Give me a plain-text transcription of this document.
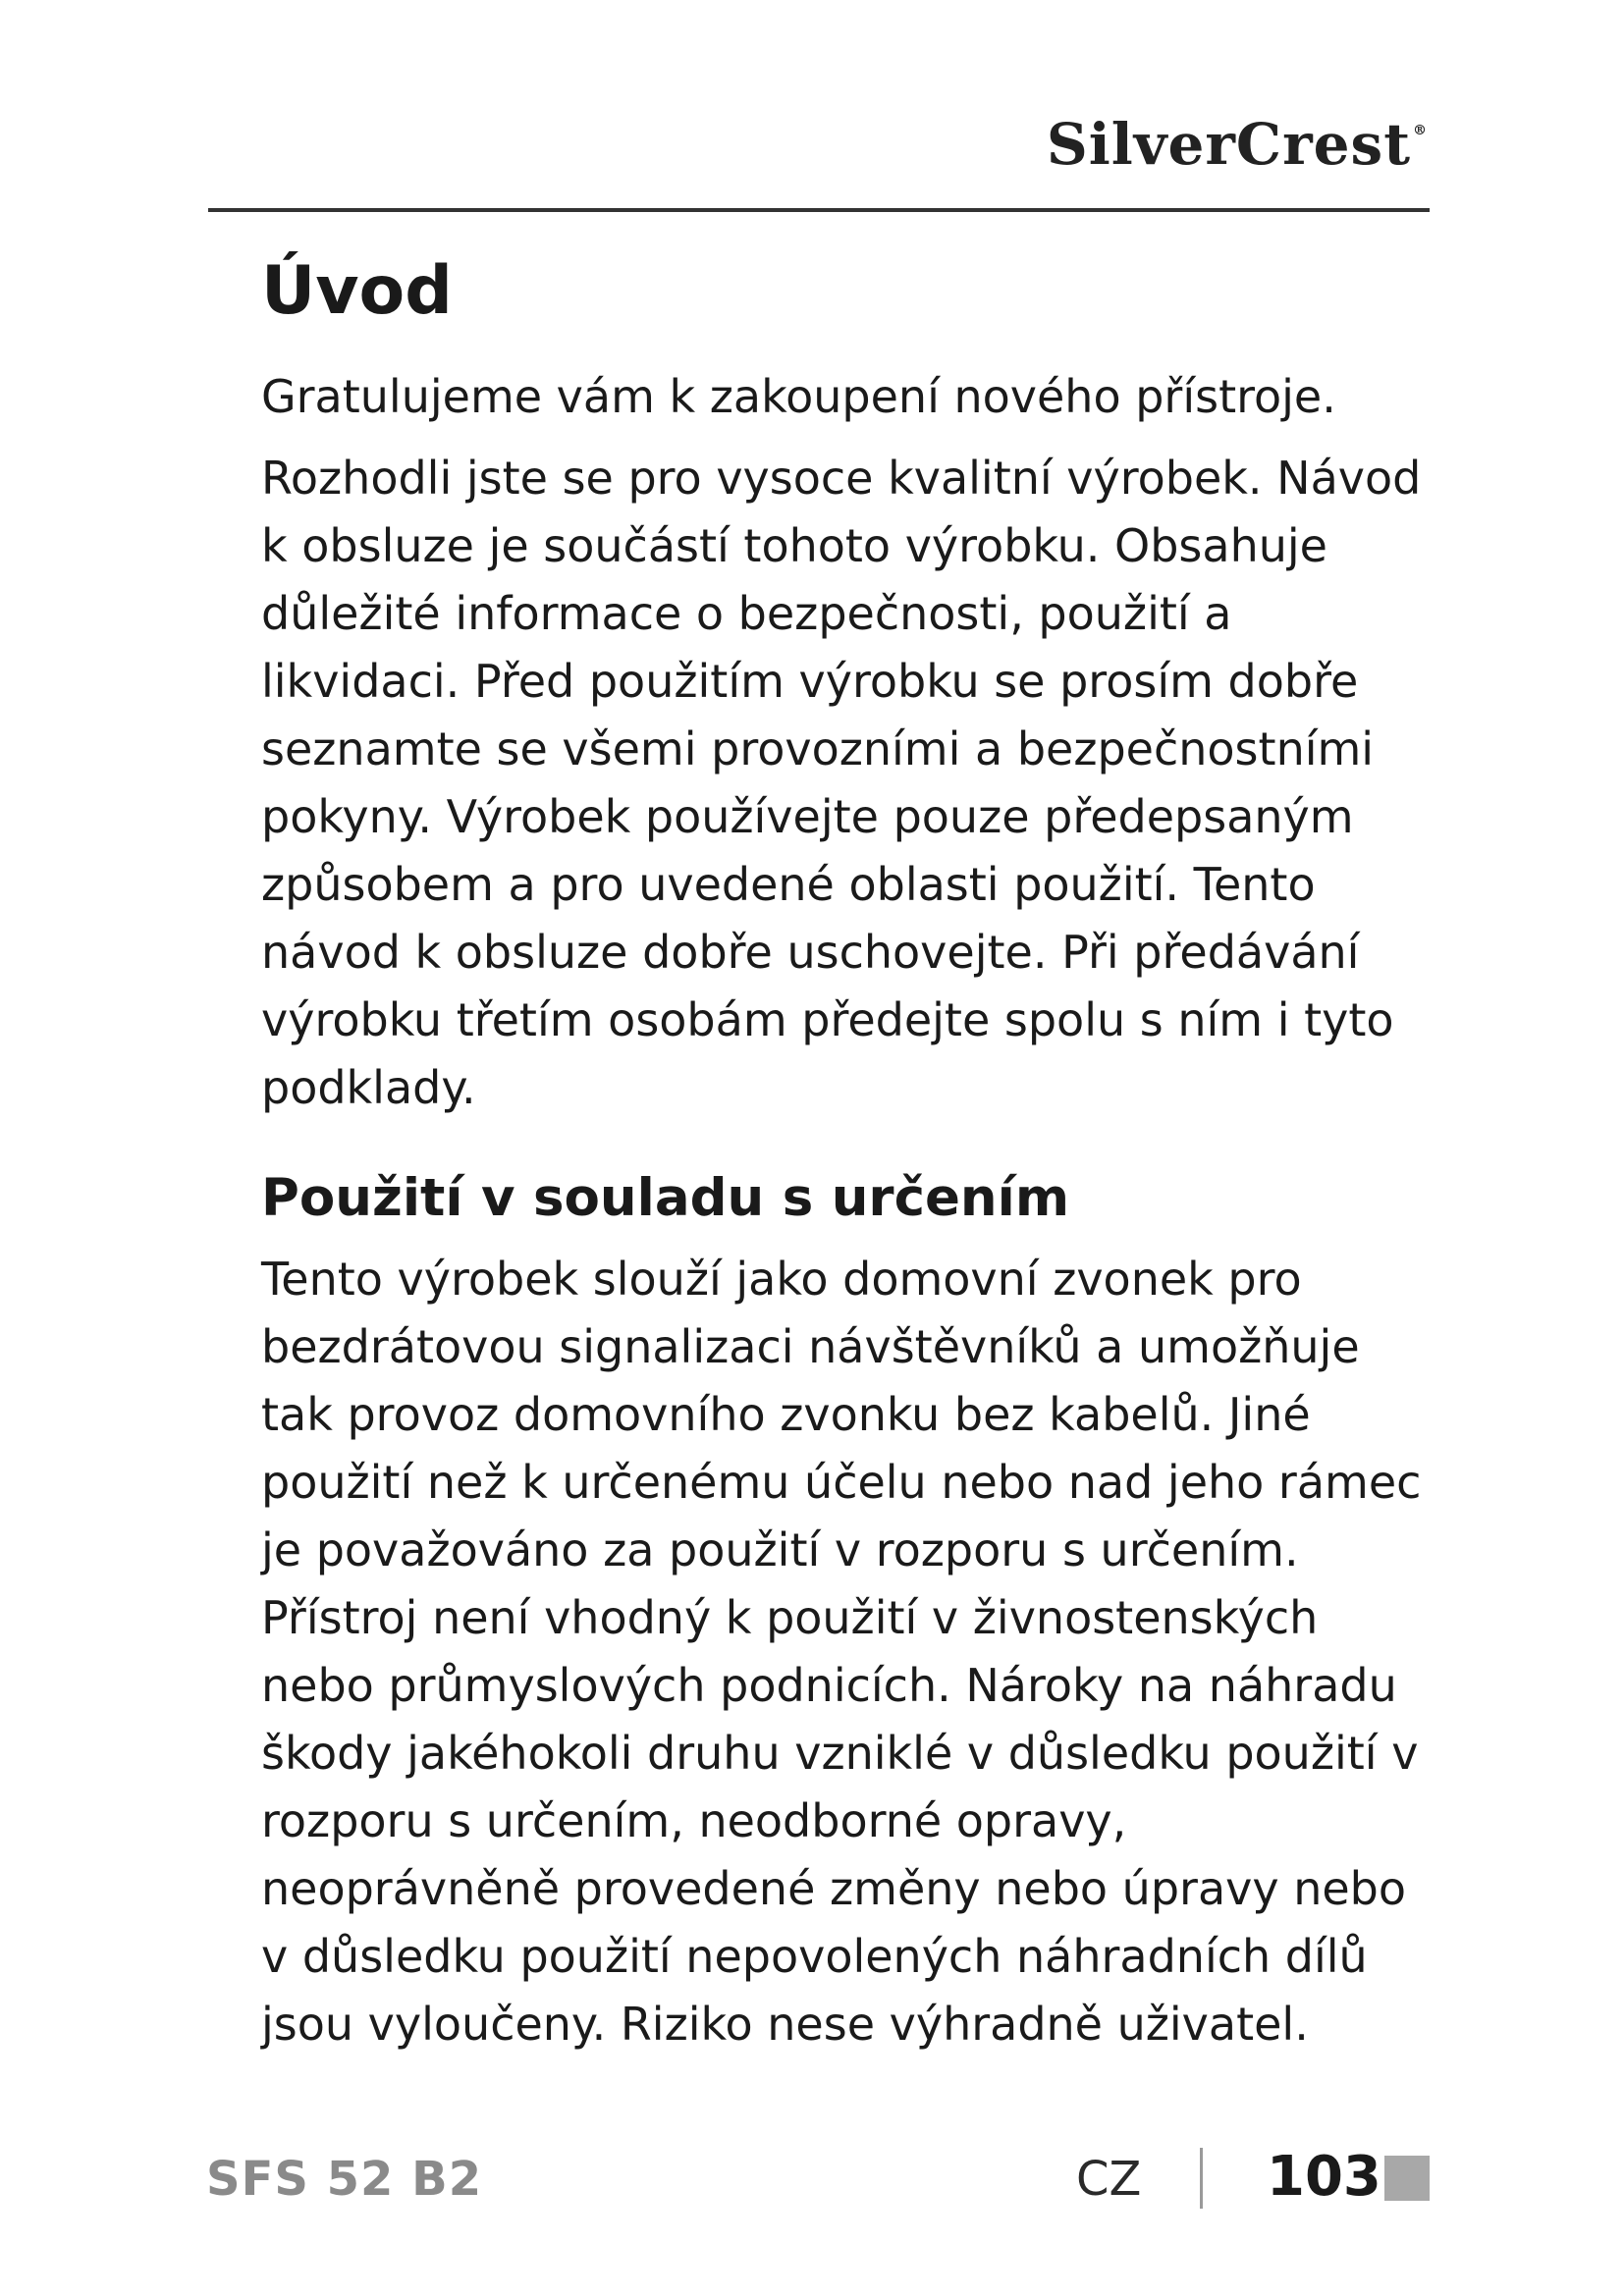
SilverCrest ®
Úvod

Gratulujeme vám k zakoupení nového přístroje.

Rozhodli jste se pro vysoce kvalitní výrobek. Návod k obsluze je součástí tohoto výrobku. Obsahuje důležité informace o bezpečnosti, použití a likvidaci. Před použitím výrobku se prosím dobře seznamte se všemi provozními a bezpečnostními pokyny. Výrobek používejte pouze předepsaným způsobem a pro uvedené oblasti použití. Tento návod k obsluze dobře uschovejte. Při předávání výrobku třetím osobám předejte spolu s ním i tyto podklady.

Použití v souladu s určením

Tento výrobek slouží jako domovní zvonek pro bezdrátovou signalizaci návštěvníků a umožňuje tak provoz domovního zvonku bez kabelů. Jiné použití než k určenému účelu nebo nad jeho rámec je považováno za použití v rozporu s určením. Přístroj není vhodný k použití v živnostenských nebo průmyslových podnicích. Nároky na náhradu škody jakéhokoli druhu vzniklé v důsledku použití v rozporu s určením, neodborné opravy, neoprávněně provedené změny nebo úpravy nebo v důsledku použití nepovolených náhradních dílů jsou vyloučeny. Riziko nese výhradně uživatel.

SFS 52 B2	CZ 103
